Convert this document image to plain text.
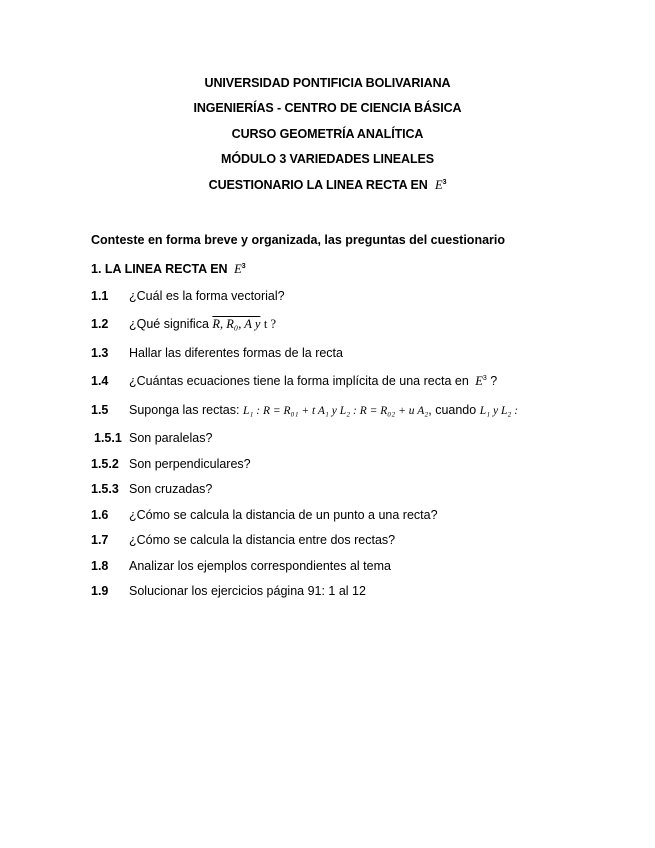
UNIVERSIDAD PONTIFICIA BOLIVARIANA
INGENIERÍAS - CENTRO DE CIENCIA BÁSICA
CURSO GEOMETRÍA ANALÍTICA
MÓDULO 3 VARIEDADES LINEALES
CUESTIONARIO LA LINEA RECTA EN $E^3$
Conteste en forma breve y organizada, las preguntas del cuestionario
1. LA LINEA RECTA EN $E^3$
1.1 ¿Cuál es la forma vectorial?
1.2 ¿Qué significa R, R₀, A y t ?
1.3 Hallar las diferentes formas de la recta
1.4 ¿Cuántas ecuaciones tiene la forma implícita de una recta en $E^3$ ?
1.5 Suponga las rectas: L₁ : R = R₀₁ + t A₁ y L₂ : R = R₀₂ + u A₂, cuando L₁ y L₂ :
1.5.1 Son paralelas?
1.5.2 Son perpendiculares?
1.5.3 Son cruzadas?
1.6 ¿Cómo se calcula la distancia de un punto a una recta?
1.7 ¿Cómo se calcula la distancia entre dos rectas?
1.8 Analizar los ejemplos correspondientes al tema
1.9 Solucionar los ejercicios página 91: 1 al 12
